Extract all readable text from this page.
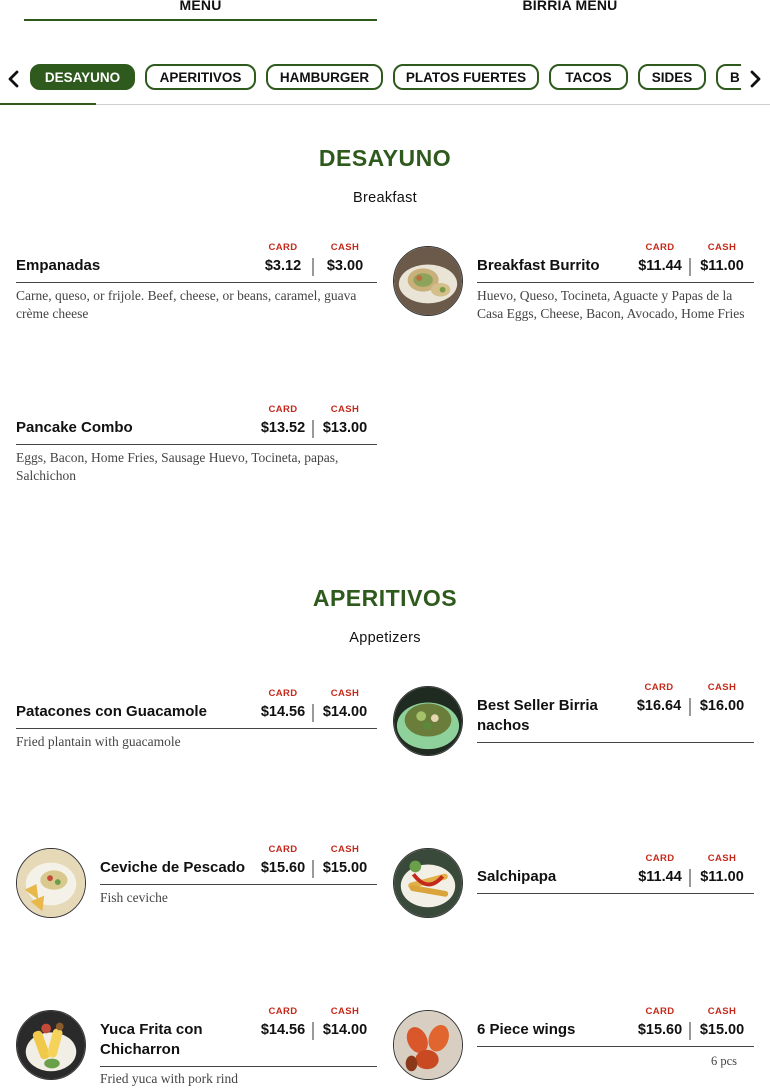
MENU	BIRRIA MENU
DESAYUNO	APERITIVOS	HAMBURGER	PLATOS FUERTES	TACOS	SIDES	B
DESAYUNO
Breakfast
Empanadas
CARD
$3.12
CASH
$3.00
Carne, queso, or frijole. Beef, cheese, or beans, caramel, guava crème cheese
Breakfast Burrito
CARD
$11.44
CASH
$11.00
Huevo, Queso, Tocineta, Aguacte y Papas de la Casa Eggs, Cheese, Bacon, Avocado, Home Fries
Pancake Combo
CARD
$13.52
CASH
$13.00
Eggs, Bacon, Home Fries, Sausage Huevo, Tocineta, papas, Salchichon
APERITIVOS
Appetizers
Patacones con Guacamole
CARD
$14.56
CASH
$14.00
Fried plantain with guacamole
Best Seller Birria nachos
CARD
$16.64
CASH
$16.00
Ceviche de Pescado
CARD
$15.60
CASH
$15.00
Fish ceviche
Salchipapa
CARD
$11.44
CASH
$11.00
Yuca Frita con Chicharron
CARD
$14.56
CASH
$14.00
Fried yuca with pork rind
6 Piece wings
CARD
$15.60
CASH
$15.00
6 pcs
